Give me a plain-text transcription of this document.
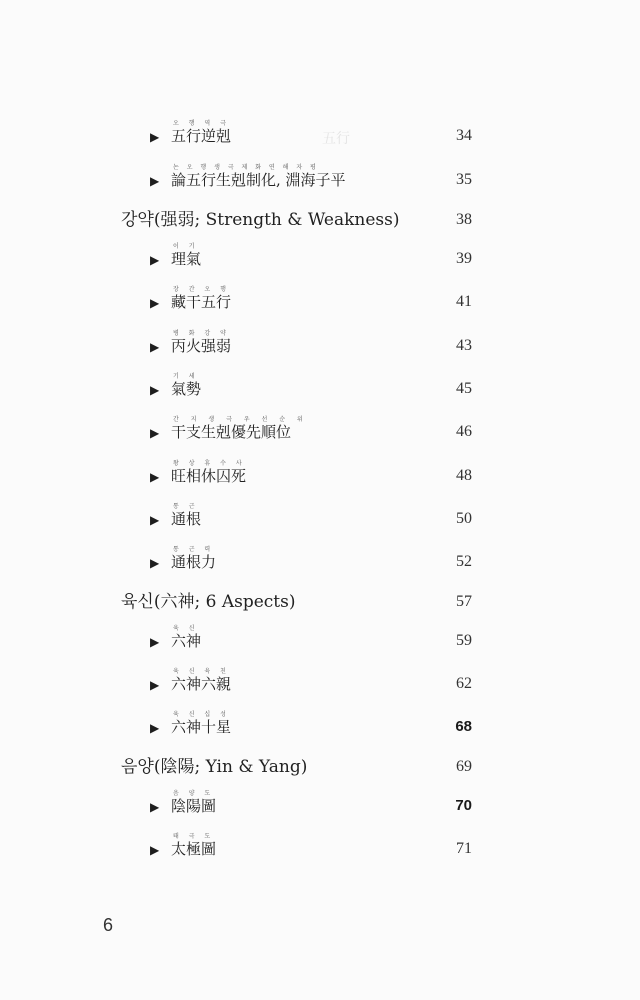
▶
오 행 역 극
五行逆剋	34
▶
논 오 행 생 극 제 화 연 해 자 평
論五行生剋制化, 淵海子平	35
강약(强弱; Strength & Weakness)	38
▶
이 기
理氣	39
▶
장 간 오 행
藏干五行	41
▶
병 화 강 약
丙火强弱	43
▶
기 세
氣勢	45
▶
간 지 생 극 우 선 순 위
干支生剋優先順位	46
▶
왕 상 휴 수 사
旺相休囚死	48
▶
통 근
通根	50
▶
통 근 력
通根力	52
육신(六神; 6 Aspects)	57
▶
육 신
六神	59
▶
육 신 육 친
六神六親	62
▶
육 신 십 성
六神十星	68
음양(陰陽; Yin & Yang)	69
▶
음 양 도
陰陽圖	70
▶
태 극 도
太極圖	71
五行
6
